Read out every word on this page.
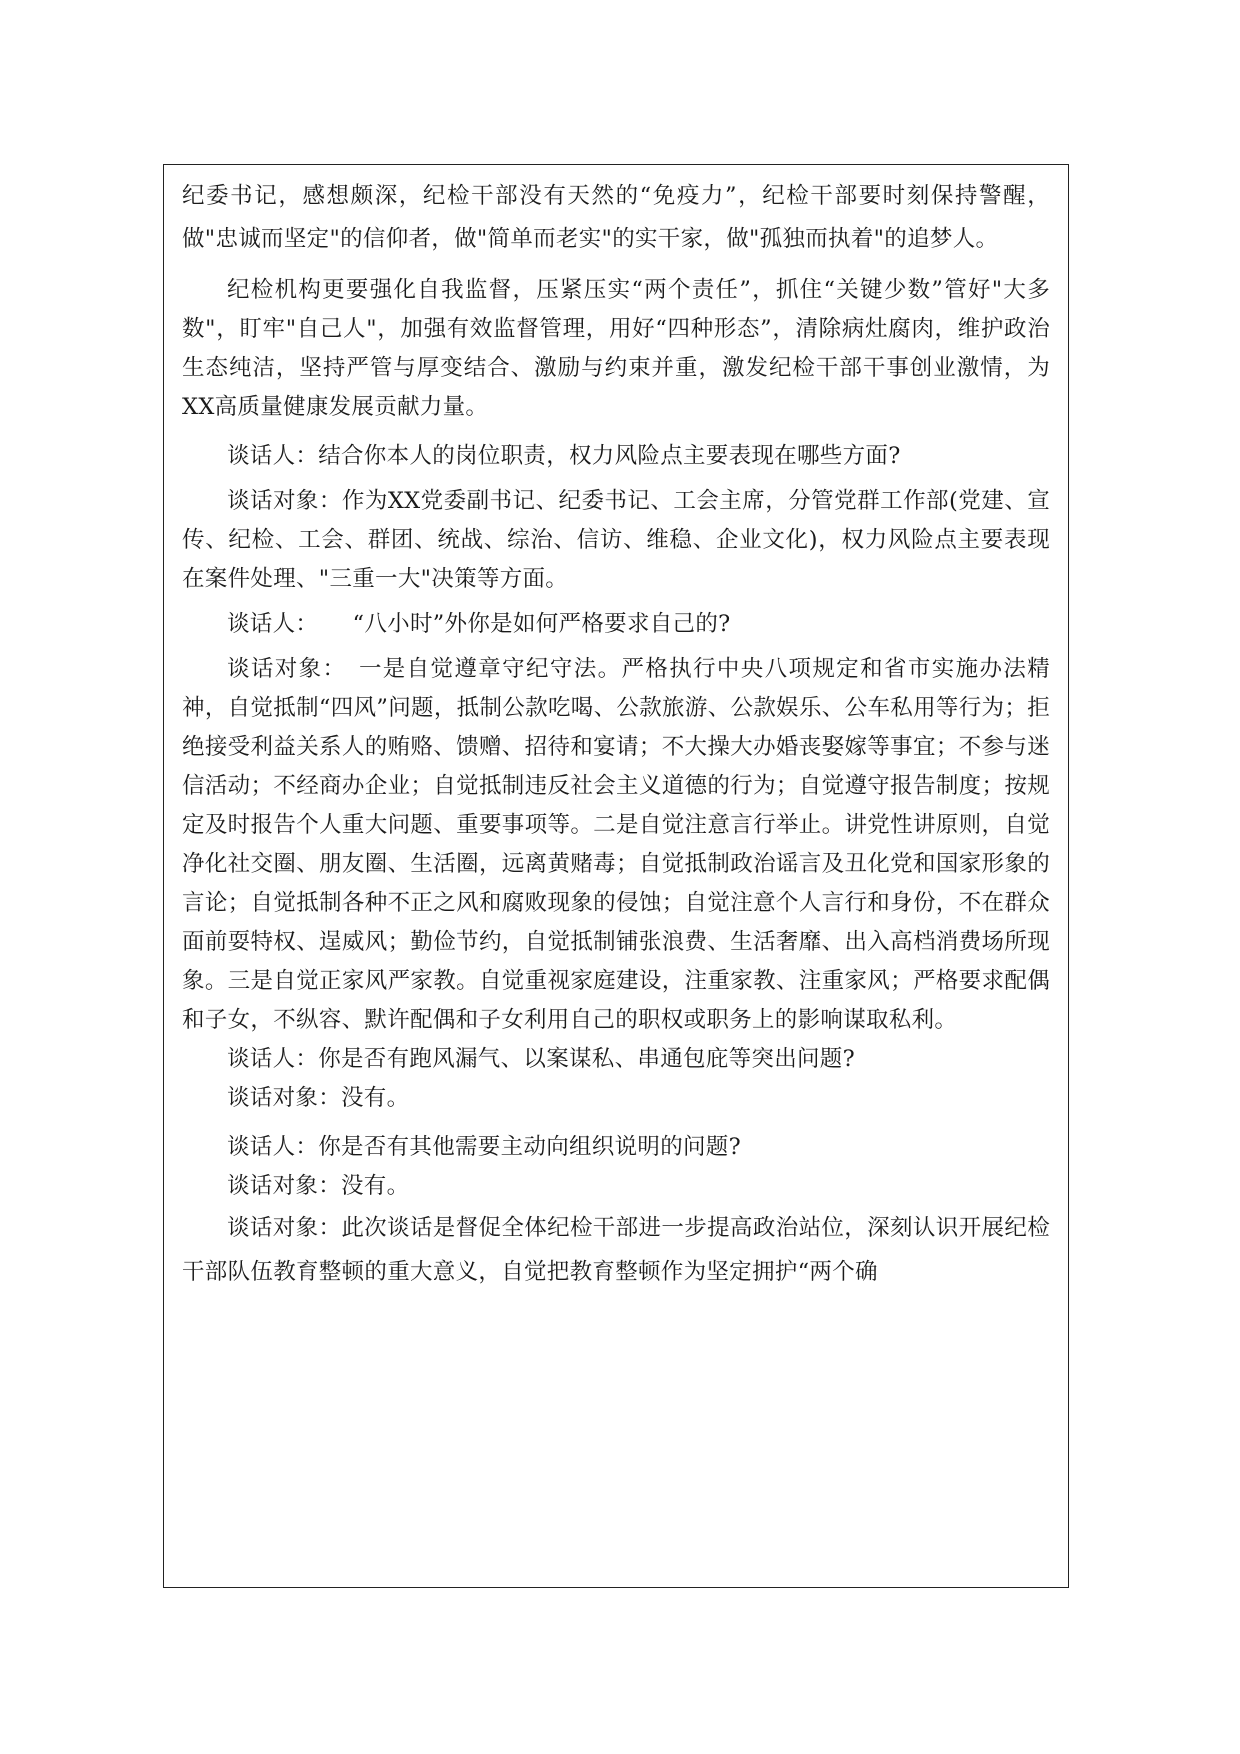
纪委书记，感想颇深，纪检干部没有天然的“免疫力”，纪检干部要时刻保持警醒，做"忠诚而坚定"的信仰者，做"简单而老实"的实干家，做"孤独而执着"的追梦人。

纪检机构更要强化自我监督，压紧压实“两个责任”，抓住“关键少数”管好"大多数"，盯牢"自己人"，加强有效监督管理，用好“四种形态”，清除病灶腐肉，维护政治生态纯洁，坚持严管与厚变结合、激励与约束并重，激发纪检干部干事创业激情，为XX高质量健康发展贡献力量。

谈话人：结合你本人的岗位职责，权力风险点主要表现在哪些方面?

谈话对象：作为XX党委副书记、纪委书记、工会主席，分管党群工作部(党建、宣传、纪检、工会、群团、统战、综治、信访、维稳、企业文化)，权力风险点主要表现在案件处理、"三重一大"决策等方面。

谈话人：　　“八小时”外你是如何严格要求自己的?

谈话对象：　一是自觉遵章守纪守法。严格执行中央八项规定和省市实施办法精神，自觉抵制“四风”问题，抵制公款吃喝、公款旅游、公款娱乐、公车私用等行为；拒绝接受利益关系人的贿赂、馈赠、招待和宴请；不大操大办婚丧娶嫁等事宜；不参与迷信活动；不经商办企业；自觉抵制违反社会主义道德的行为；自觉遵守报告制度；按规定及时报告个人重大问题、重要事项等。二是自觉注意言行举止。讲党性讲原则，自觉净化社交圈、朋友圈、生活圈，远离黄赌毒；自觉抵制政治谣言及丑化党和国家形象的言论；自觉抵制各种不正之风和腐败现象的侵蚀；自觉注意个人言行和身份，不在群众面前耍特权、逞威风；勤俭节约，自觉抵制铺张浪费、生活奢靡、出入高档消费场所现象。三是自觉正家风严家教。自觉重视家庭建设，注重家教、注重家风；严格要求配偶和子女，不纵容、默许配偶和子女利用自己的职权或职务上的影响谋取私利。

谈话人：你是否有跑风漏气、以案谋私、串通包庇等突出问题?

谈话对象：没有。

谈话人：你是否有其他需要主动向组织说明的问题?

谈话对象：没有。

谈话对象：此次谈话是督促全体纪检干部进一步提高政治站位，深刻认识开展纪检干部队伍教育整顿的重大意义，自觉把教育整顿作为坚定拥护“两个确
